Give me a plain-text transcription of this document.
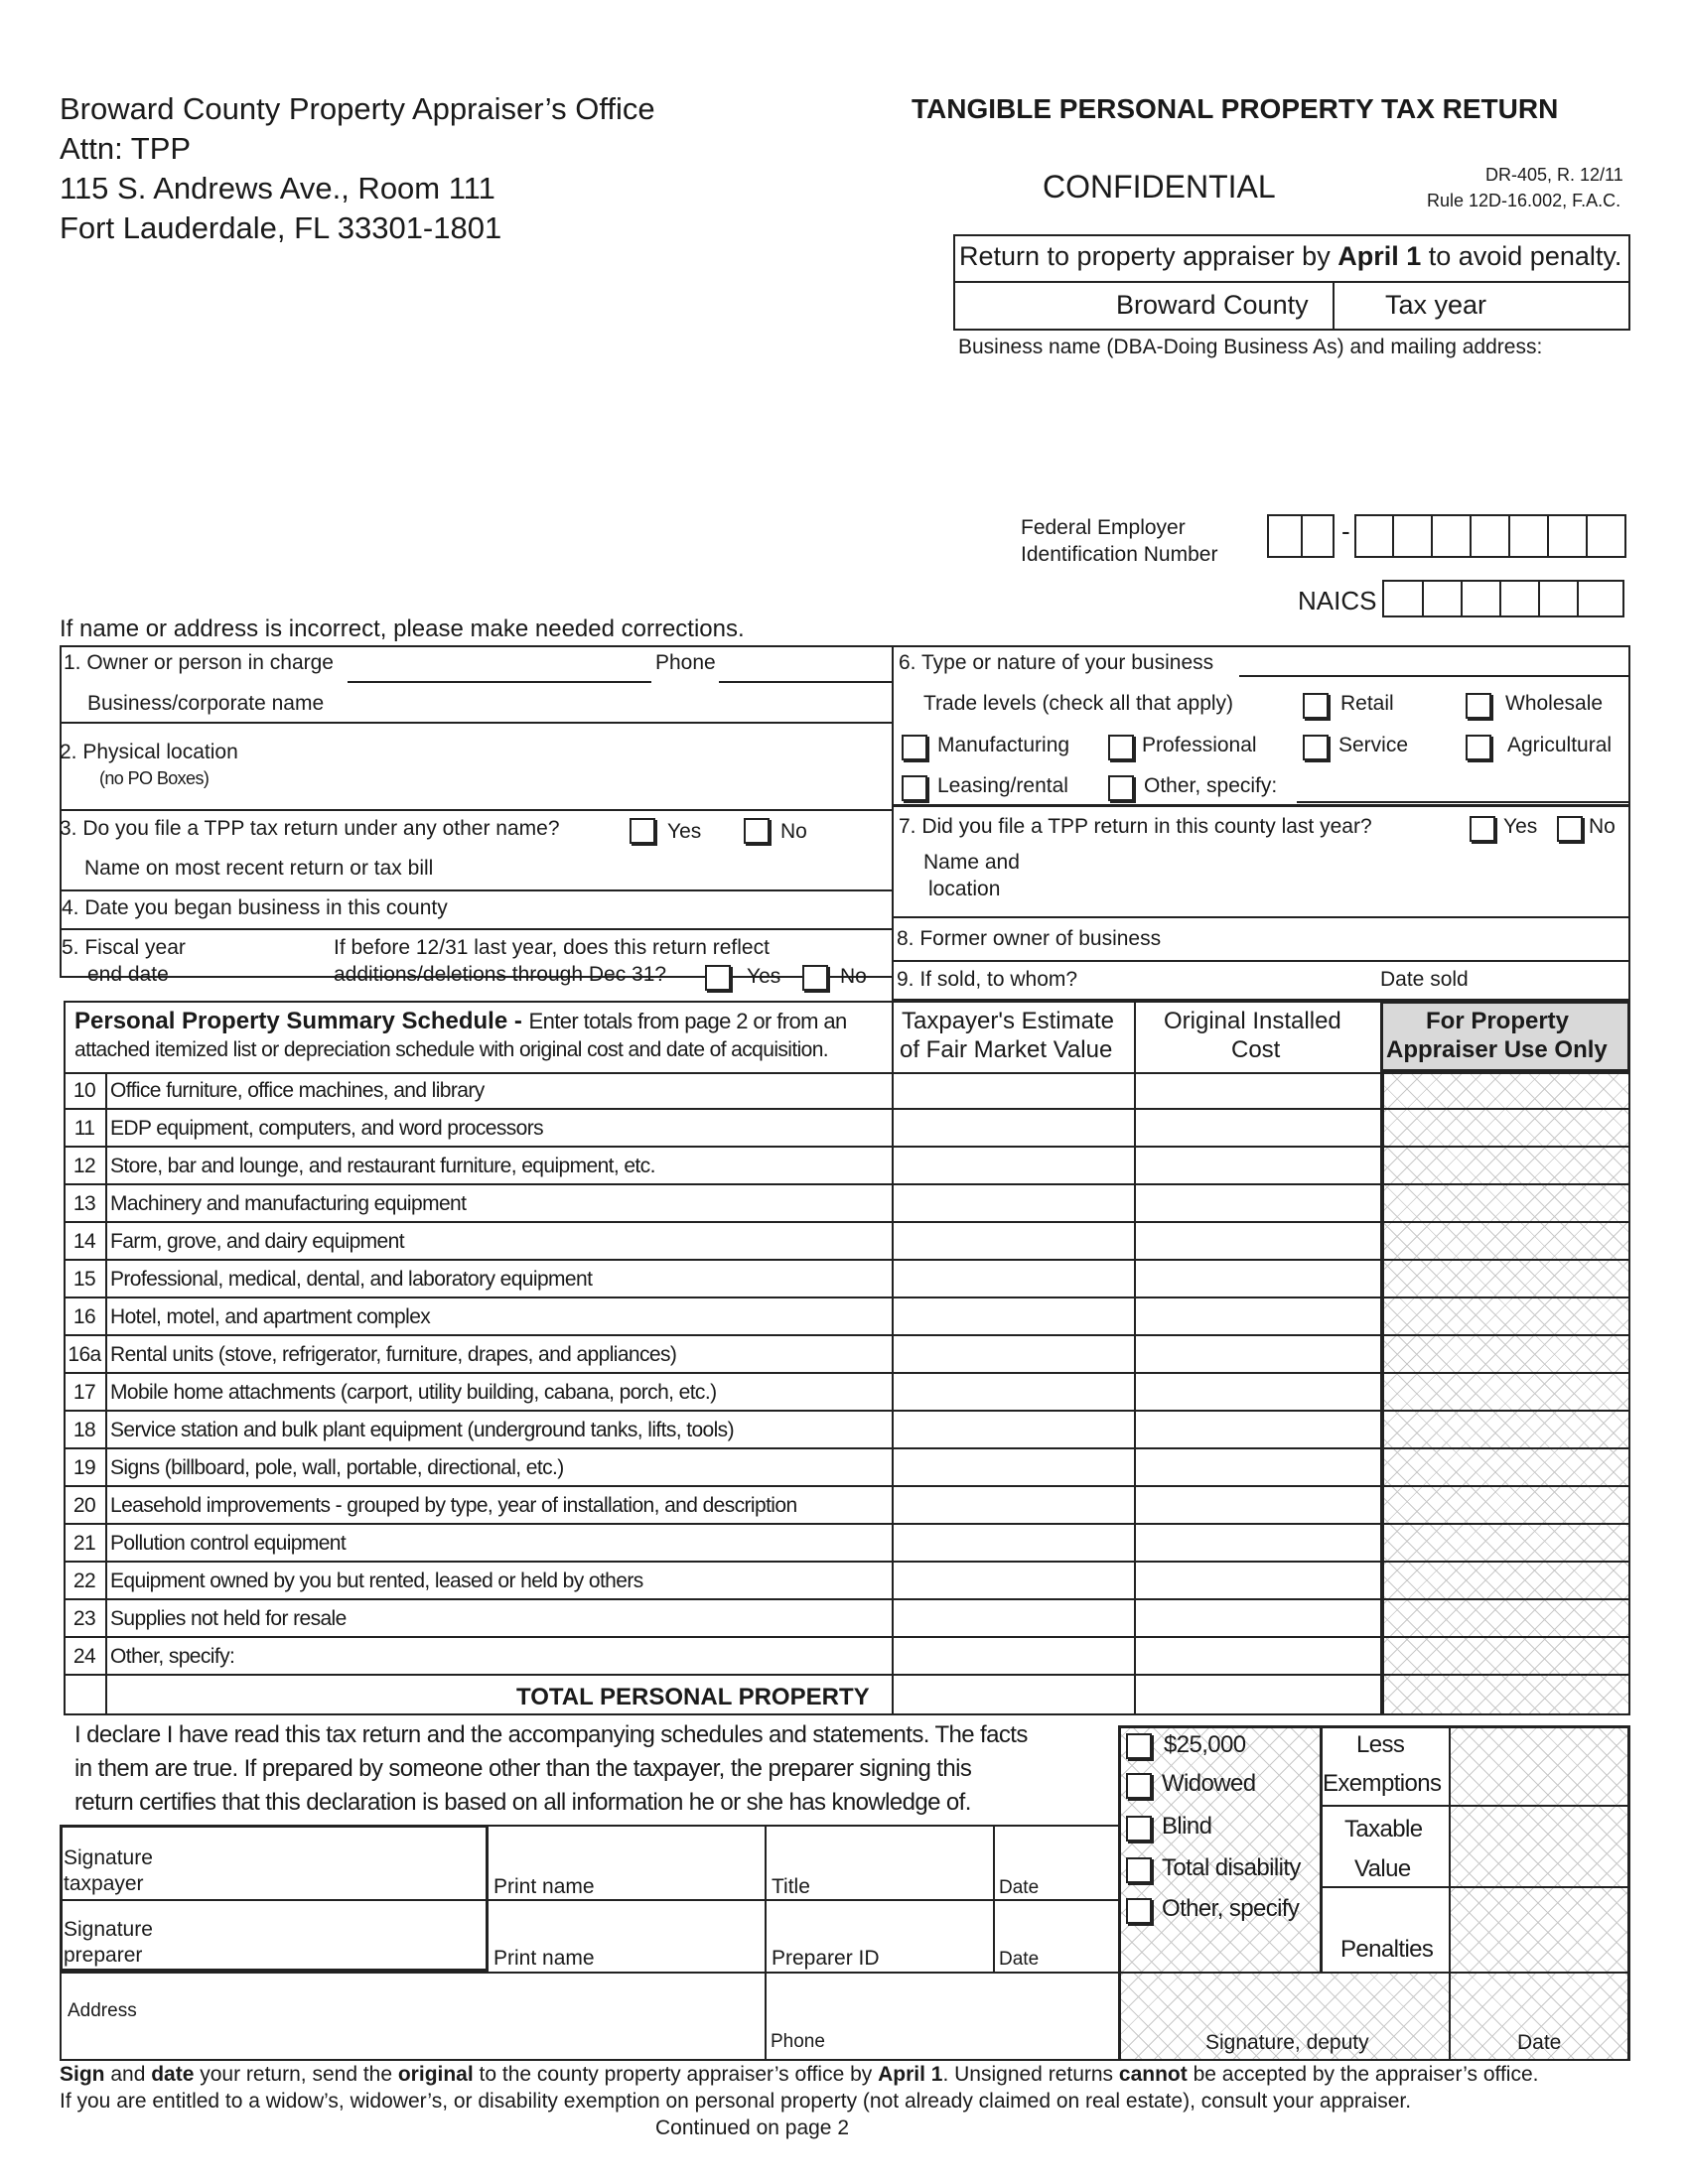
Broward County Property Appraiser’s Office
Attn: TPP
115 S. Andrews Ave., Room 111
Fort Lauderdale, FL 33301-1801
TANGIBLE PERSONAL PROPERTY TAX RETURN
CONFIDENTIAL	DR-405, R. 12/11
Rule 12D-16.002, F.A.C.
Return to property appraiser by April 1 to avoid penalty.
Broward County	Tax year
Business name (DBA-Doing Business As) and mailing address:
Federal Employer
Identification Number
-
NAICS
If name or address is incorrect, please make needed corrections.
1. Owner or person in charge	Phone
Business/corporate name
2. Physical location
(no PO Boxes)
3. Do you file a TPP tax return under any other name?	Yes	No
Name on most recent return or tax bill
4. Date you began business in this county
5. Fiscal year
end date
If before 12/31 last year, does this return reflect
additions/deletions through Dec 31?	Yes	No
6. Type or nature of your business
Trade levels (check all that apply)	Retail	Wholesale
Manufacturing	Professional	Service	Agricultural
Leasing/rental	Other, specify:
7. Did you file a TPP return in this county last year?	Yes No
Name and
location
8. Former owner of business
9. If sold, to whom?	Date sold
Personal Property Summary Schedule - Enter totals from page 2 or from an
attached itemized list or depreciation schedule with original cost and date of acquisition.
Taxpayer's Estimate
of Fair Market Value
Original Installed
Cost
For Property
Appraiser Use Only
10 Office furniture, office machines, and library
11 EDP equipment, computers, and word processors
12 Store, bar and lounge, and restaurant furniture, equipment, etc.
13 Machinery and manufacturing equipment
14 Farm, grove, and dairy equipment
15 Professional, medical, dental, and laboratory equipment
16 Hotel, motel, and apartment complex
16a Rental units (stove, refrigerator, furniture, drapes, and appliances)
17 Mobile home attachments (carport, utility building, cabana, porch, etc.)
18 Service station and bulk plant equipment (underground tanks, lifts, tools)
19 Signs (billboard, pole, wall, portable, directional, etc.)
20 Leasehold improvements - grouped by type, year of installation, and description
21 Pollution control equipment
22 Equipment owned by you but rented, leased or held by others
23 Supplies not held for resale
24 Other, specify:
TOTAL PERSONAL PROPERTY
I declare I have read this tax return and the accompanying schedules and statements. The facts
in them are true. If prepared by someone other than the taxpayer, the preparer signing this
return certifies that this declaration is based on all information he or she has knowledge of.
Signature
taxpayer	Print name	Title	Date
Signature
preparer	Print name	Preparer ID	Date
Address
Phone
$25,000
Widowed
Blind
Total disability
Other, specify
Less
Exemptions
Taxable
Value
Penalties
Signature, deputy	Date
Sign and date your return, send the original to the county property appraiser’s office by April 1. Unsigned returns cannot be accepted by the appraiser’s office.
If you are entitled to a widow’s, widower’s, or disability exemption on personal property (not already claimed on real estate), consult your appraiser.
Continued on page 2
